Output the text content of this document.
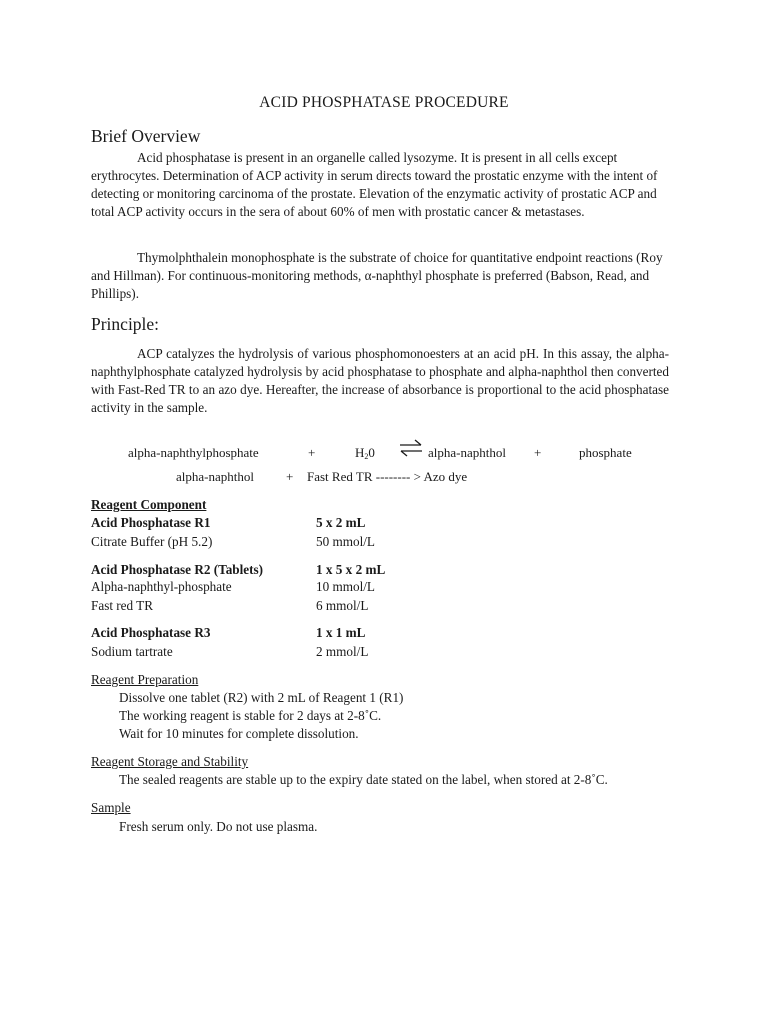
ACID PHOSPHATASE PROCEDURE
Brief Overview

Acid phosphatase is present in an organelle called lysozyme. It is present in all cells except erythrocytes. Determination of ACP activity in serum directs toward the prostatic enzyme with the intent of detecting or monitoring carcinoma of the prostate. Elevation of the enzymatic activity of prostatic ACP and total ACP activity occurs in the sera of about 60% of men with prostatic cancer & metastases.

Thymolphthalein monophosphate is the substrate of choice for quantitative endpoint reactions (Roy and Hillman). For continuous-monitoring methods, α-naphthyl phosphate is preferred (Babson, Read, and Phillips).

Principle:

ACP catalyzes the hydrolysis of various phosphomonoesters at an acid pH. In this assay, the alpha-naphthylphosphate catalyzed hydrolysis by acid phosphatase to phosphate and alpha-naphthol then converted with Fast-Red TR to an azo dye. Hereafter, the increase of absorbance is proportional to the acid phosphatase activity in the sample.

alpha-naphthylphosphate	+	$H_20$ ⇌ alpha-naphthol +	phosphate
alpha-naphthol + Fast Red TR -------- > Azo dye
Reagent Component
Acid Phosphatase R1	5 x 2 mL
Citrate Buffer (pH 5.2)	50 mmol/L
Acid Phosphatase R2 (Tablets)	1 x 5 x 2 mL
Alpha-naphthyl-phosphate	10 mmol/L
Fast red TR	6 mmol/L
Acid Phosphatase R3	1 x 1 mL
Sodium tartrate	2 mmol/L
Reagent Preparation
Dissolve one tablet (R2) with 2 mL of Reagent 1 (R1)
The working reagent is stable for 2 days at 2-8˚C.
Wait for 10 minutes for complete dissolution.
Reagent Storage and Stability
The sealed reagents are stable up to the expiry date stated on the label, when stored at 2-8˚C.
Sample
Fresh serum only. Do not use plasma.
